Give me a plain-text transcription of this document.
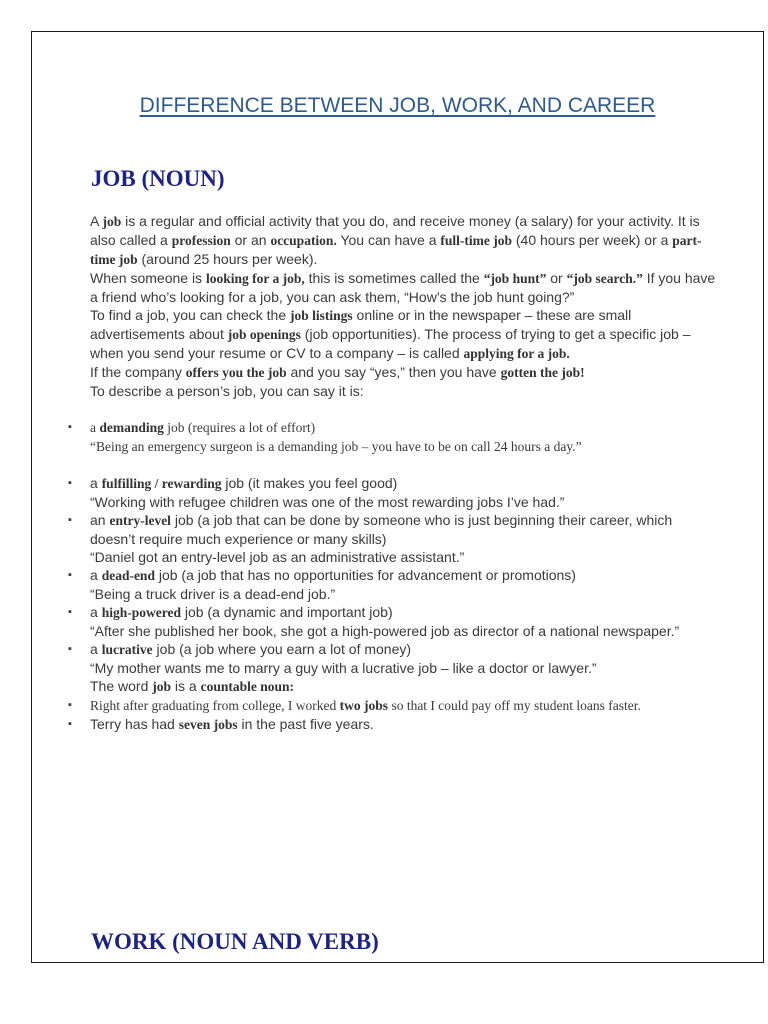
DIFFERENCE BETWEEN JOB, WORK, AND CAREER
JOB (NOUN)

A job is a regular and official activity that you do, and receive money (a salary) for your activity. It is also called a profession or an occupation. You can have a full-time job (40 hours per week) or a part-time job (around 25 hours per week).

When someone is looking for a job, this is sometimes called the “job hunt” or “job search.” If you have a friend who’s looking for a job, you can ask them, “How’s the job hunt going?”

To find a job, you can check the job listings online or in the newspaper – these are small advertisements about job openings (job opportunities). The process of trying to get a specific job – when you send your resume or CV to a company – is called applying for a job.

If the company offers you the job and you say “yes,” then you have gotten the job!

To describe a person’s job, you can say it is:

▪ a demanding job (requires a lot of effort)
“Being an emergency surgeon is a demanding job – you have to be on call 24 hours a day.”
▪ a fulfilling / rewarding job (it makes you feel good)
“Working with refugee children was one of the most rewarding jobs I’ve had.”
▪ an entry-level job (a job that can be done by someone who is just beginning their career, which doesn’t require much experience or many skills)
“Daniel got an entry-level job as an administrative assistant.”
▪ a dead-end job (a job that has no opportunities for advancement or promotions)
“Being a truck driver is a dead-end job.”
▪ a high-powered job (a dynamic and important job)
“After she published her book, she got a high-powered job as director of a national newspaper.”
▪ a lucrative job (a job where you earn a lot of money)
“My mother wants me to marry a guy with a lucrative job – like a doctor or lawyer.”
The word job is a countable noun:
▪ Right after graduating from college, I worked two jobs so that I could pay off my student loans faster.
▪ Terry has had seven jobs in the past five years.
WORK (NOUN AND VERB)
